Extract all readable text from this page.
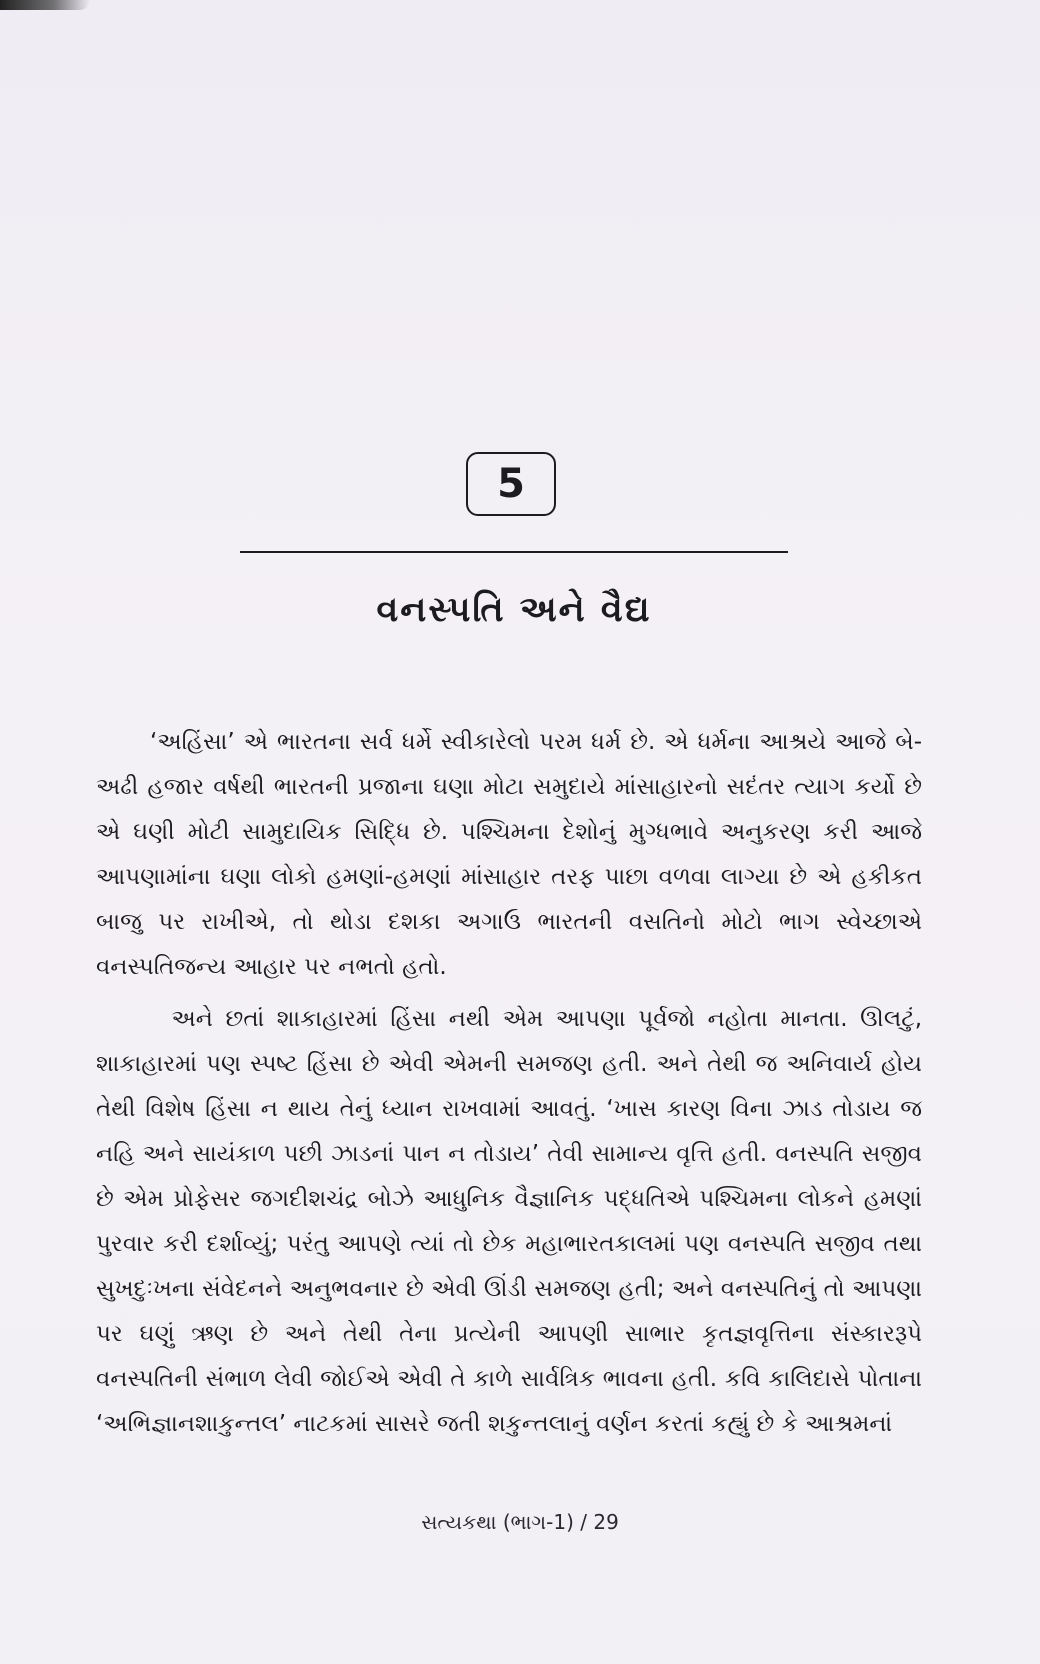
5
વનસ્પતિ અને વૈદ્ય

‘અહિંસા’ એ ભારતના સર્વ ધર્મે સ્વીકારેલો પરમ ધર્મ છે. એ ધર્મના આશ્રયે આજે બે-અઢી હજાર વર્ષથી ભારતની પ્રજાના ઘણા મોટા સમુદાયે માંસાહારનો સદંતર ત્યાગ કર્યો છે એ ઘણી મોટી સામુદાયિક સિદ્ધિ છે. પશ્ચિમના દેશોનું મુગ્ધભાવે અનુકરણ કરી આજે આપણામાંના ઘણા લોકો હમણાં-હમણાં માંસાહાર તરફ પાછા વળવા લાગ્યા છે એ હકીકત બાજુ પર રાખીએ, તો થોડા દશકા અગાઉ ભારતની વસતિનો મોટો ભાગ સ્વેચ્છાએ વનસ્પતિજન્ય આહાર પર નભતો હતો.

અને છતાં શાકાહારમાં હિંસા નથી એમ આપણા પૂર્વજો નહોતા માનતા. ઊલટું, શાકાહારમાં પણ સ્પષ્ટ હિંસા છે એવી એમની સમજણ હતી. અને તેથી જ અનિવાર્ય હોય તેથી વિશેષ હિંસા ન થાય તેનું ધ્યાન રાખવામાં આવતું. ‘ખાસ કારણ વિના ઝાડ તોડાય જ નહિ અને સાયંકાળ પછી ઝાડનાં પાન ન તોડાય’ તેવી સામાન્ય વૃત્તિ હતી. વનસ્પતિ સજીવ છે એમ પ્રોફેસર જગદીશચંદ્ર બોઝે આધુનિક વૈજ્ઞાનિક પદ્ધતિએ પશ્ચિમના લોકને હમણાં પુરવાર કરી દર્શાવ્યું; પરંતુ આપણે ત્યાં તો છેક મહાભારતકાલમાં પણ વનસ્પતિ સજીવ તથા સુખદુઃખના સંવેદનને અનુભવનાર છે એવી ઊંડી સમજણ હતી; અને વનસ્પતિનું તો આપણા પર ઘણું ઋણ છે અને તેથી તેના પ્રત્યેની આપણી સાભાર કૃતજ્ઞવૃત્તિના સંસ્કારરૂપે વનસ્પતિની સંભાળ લેવી જોઈએ એવી તે કાળે સાર્વત્રિક ભાવના હતી. કવિ કાલિદાસે પોતાના ‘અભિજ્ઞાનશાકુન્તલ’ નાટકમાં સાસરે જતી શકુન્તલાનું વર્ણન કરતાં કહ્યું છે કે આશ્રમનાં

સત્યકથા (ભાગ-1) / 29
